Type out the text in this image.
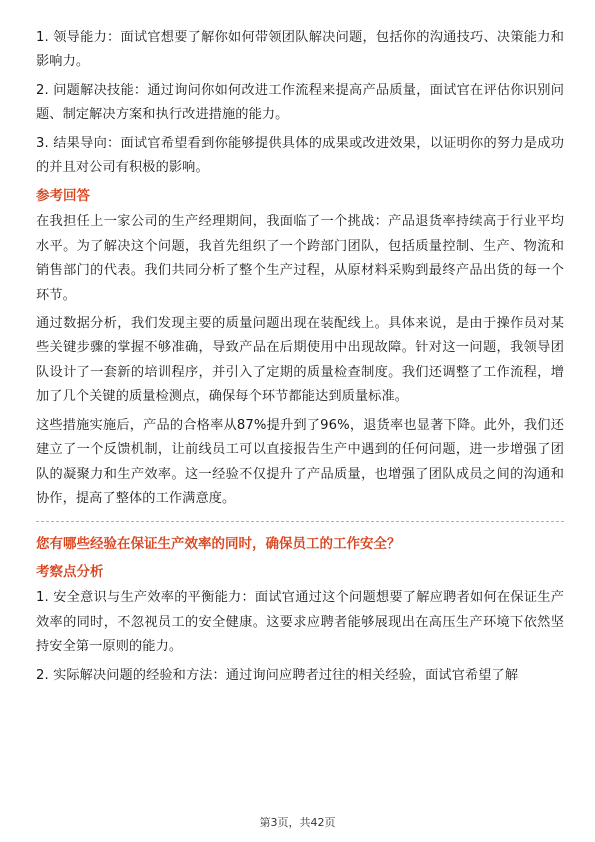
1. 领导能力：面试官想要了解你如何带领团队解决问题，包括你的沟通技巧、决策能力和影响力。

2. 问题解决技能：通过询问你如何改进工作流程来提高产品质量，面试官在评估你识别问题、制定解决方案和执行改进措施的能力。

3. 结果导向：面试官希望看到你能够提供具体的成果或改进效果，以证明你的努力是成功的并且对公司有积极的影响。

参考回答

在我担任上一家公司的生产经理期间，我面临了一个挑战：产品退货率持续高于行业平均水平。为了解决这个问题，我首先组织了一个跨部门团队，包括质量控制、生产、物流和销售部门的代表。我们共同分析了整个生产过程，从原材料采购到最终产品出货的每一个环节。

通过数据分析，我们发现主要的质量问题出现在装配线上。具体来说，是由于操作员对某些关键步骤的掌握不够准确，导致产品在后期使用中出现故障。针对这一问题，我领导团队设计了一套新的培训程序，并引入了定期的质量检查制度。我们还调整了工作流程，增加了几个关键的质量检测点，确保每个环节都能达到质量标准。

这些措施实施后，产品的合格率从87%提升到了96%，退货率也显著下降。此外，我们还建立了一个反馈机制，让前线员工可以直接报告生产中遇到的任何问题，进一步增强了团队的凝聚力和生产效率。这一经验不仅提升了产品质量，也增强了团队成员之间的沟通和协作，提高了整体的工作满意度。

您有哪些经验在保证生产效率的同时，确保员工的工作安全？
考察点分析

1. 安全意识与生产效率的平衡能力：面试官通过这个问题想要了解应聘者如何在保证生产效率的同时，不忽视员工的安全健康。这要求应聘者能够展现出在高压生产环境下依然坚持安全第一原则的能力。

2. 实际解决问题的经验和方法：通过询问应聘者过往的相关经验，面试官希望了解

第3页，共42页
